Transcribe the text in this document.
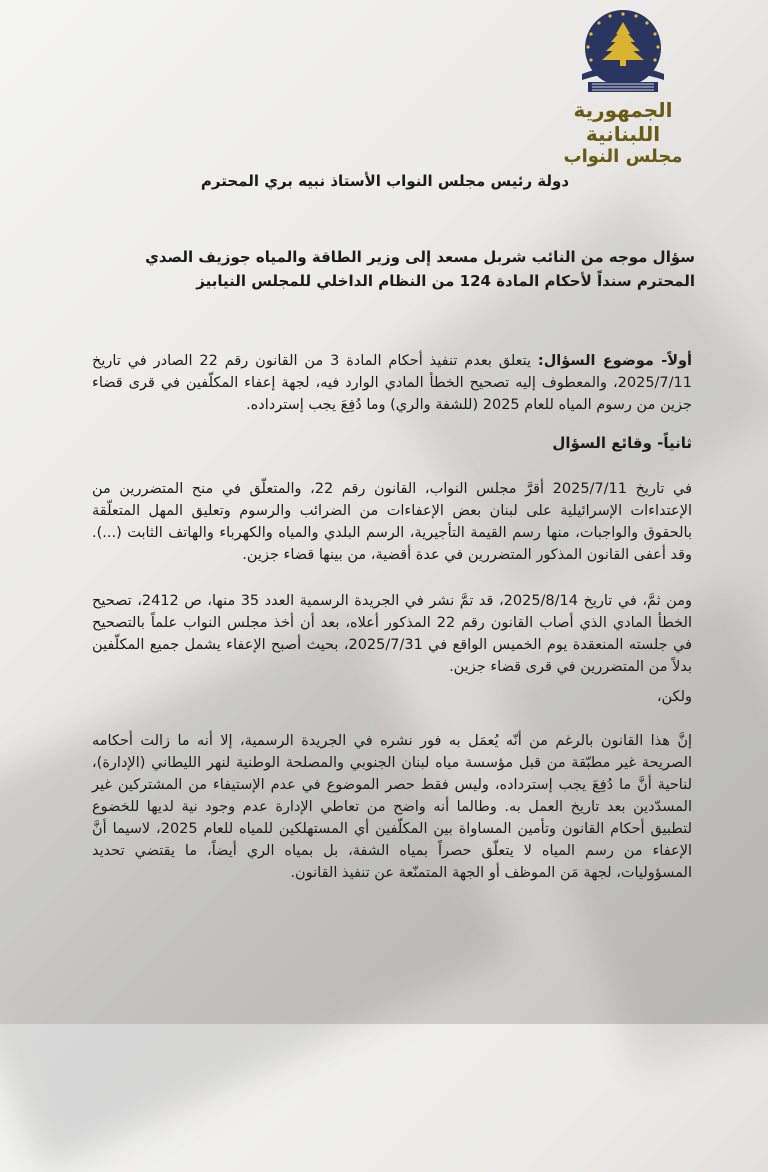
الجمهورية اللبنانية
مجلس النواب
دولة رئيس مجلس النواب الأستاذ نبيه بري المحترم
سؤال موجه من النائب شربل مسعد إلى وزير الطاقة والمياه جوزيف الصدي المحترم سنداً لأحكام المادة 124 من النظام الداخلي للمجلس النيابيز
أولاً- موضوع السؤال: يتعلق بعدم تنفيذ أحكام المادة 3 من القانون رقم 22 الصادر في تاريخ 2025/7/11، والمعطوف إليه تصحيح الخطأ المادي الوارد فيه، لجهة إعفاء المكلّفين في قرى قضاء جزين من رسوم المياه للعام 2025 (للشفة والري) وما دُفِعَ يجب إسترداده.
ثانياً- وقائع السؤال
في تاريخ 2025/7/11 أقرَّ مجلس النواب، القانون رقم 22، والمتعلّق في منح المتضررين من الإعتداءات الإسرائيلية على لبنان بعض الإعفاءات من الضرائب والرسوم وتعليق المهل المتعلّقة بالحقوق والواجبات، منها رسم القيمة التأجيرية، الرسم البلدي والمياه والكهرباء والهاتف الثابت (...). وقد أعفى القانون المذكور المتضررين في عدة أقضية، من بينها قضاء جزين.
ومن ثمَّ، في تاريخ 2025/8/14، قد تمَّ نشر في الجريدة الرسمية العدد 35 منها، ص 2412، تصحيح الخطأ المادي الذي أصاب القانون رقم 22 المذكور أعلاه، بعد أن أخذ مجلس النواب علماً بالتصحيح في جلسته المنعقدة يوم الخميس الواقع في 2025/7/31، بحيث أصبح الإعفاء يشمل جميع المكلّفين بدلاً من المتضررين في قرى قضاء جزين.
ولكن،
إنَّ هذا القانون بالرغم من أنّه يُعمَل به فور نشره في الجريدة الرسمية، إلا أنه ما زالت أحكامه الصريحة غير مطبّقة من قبل مؤسسة مياه لبنان الجنوبي والمصلحة الوطنية لنهر الليطاني (الإدارة)، لناحية أنَّ ما دُفِعَ يجب إسترداده، وليس فقط حصر الموضوع في عدم الإستيفاء من المشتركين غير المسدّدين بعد تاريخ العمل به. وطالما أنه واضح من تعاطي الإدارة عدم وجود نية لديها للخضوع لتطبيق أحكام القانون وتأمين المساواة بين المكلّفين أي المستهلكين للمياه للعام 2025، لاسيما أنَّ الإعفاء من رسم المياه لا يتعلّق حصراً بمياه الشفة، بل بمياه الري أيضاً، ما يقتضي تحديد المسؤوليات، لجهة مَن الموظف أو الجهة المتمنّعة عن تنفيذ القانون.
